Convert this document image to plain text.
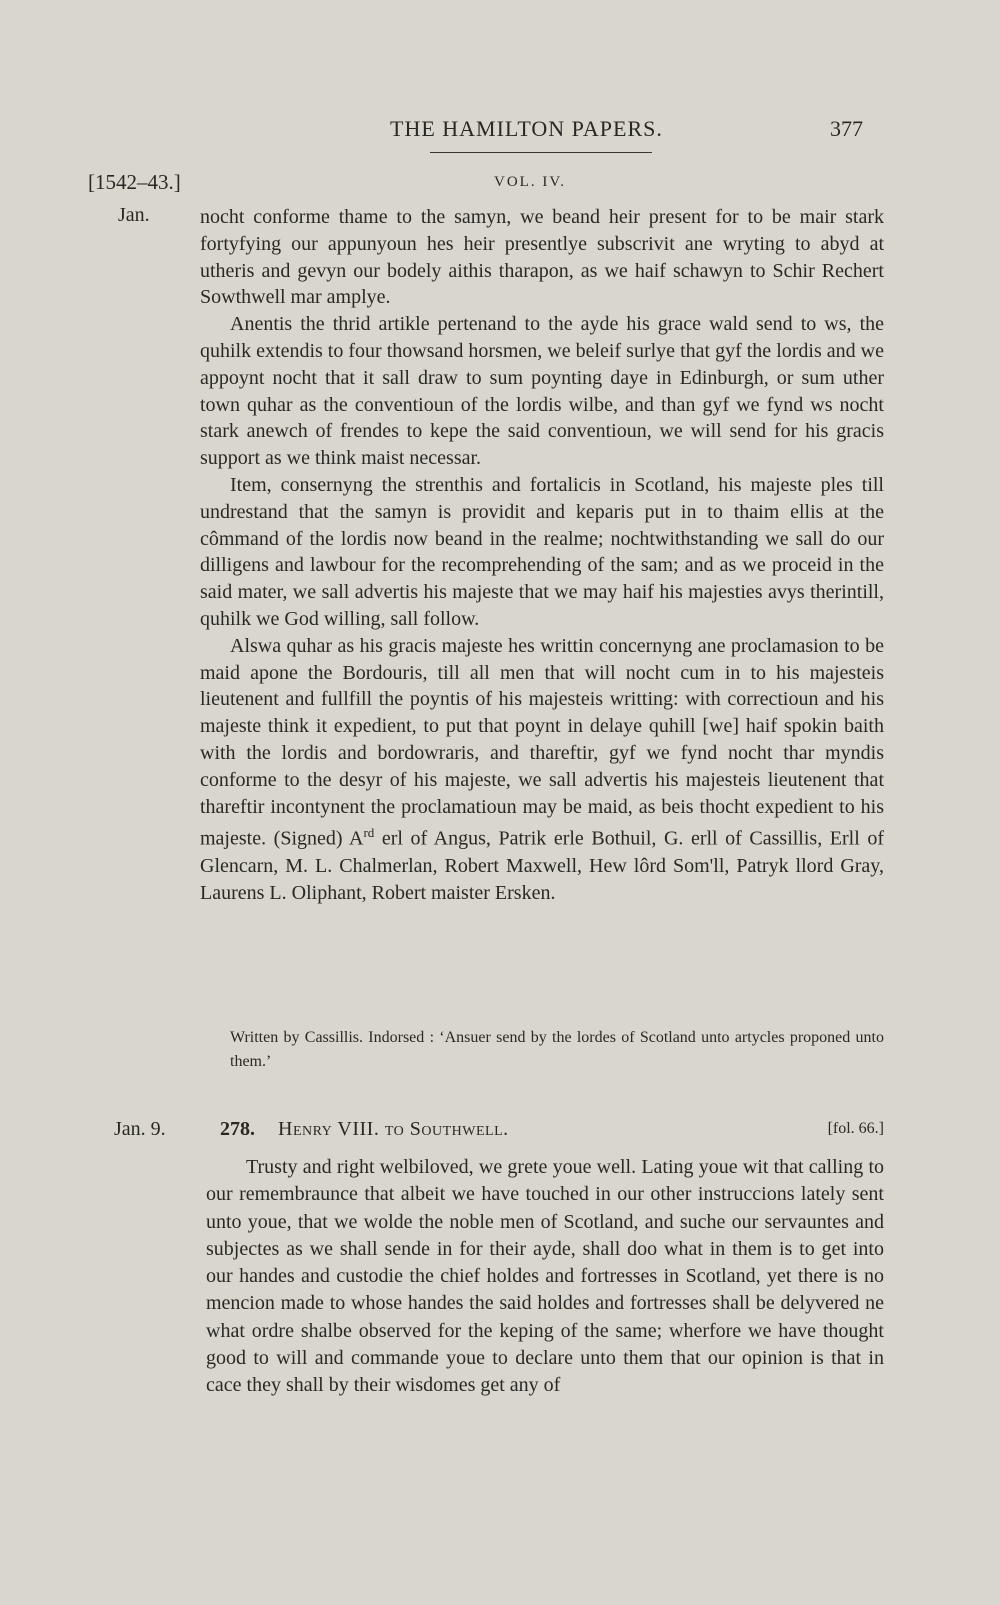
THE HAMILTON PAPERS.	377
[1542–43.]	VOL. IV.
Jan.	nocht conforme thame to the samyn, we beand heir present for to be mair stark fortyfying our appunyoun hes heir presentlye subscrivit ane wryting to abyd at utheris and gevyn our bodely aithis tharapon, as we haif schawyn to Schir Rechert Sowthwell mar amplye.

Anentis the thrid artikle pertenand to the ayde his grace wald send to ws, the quhilk extendis to four thowsand horsmen, we beleif surlye that gyf the lordis and we appoynt nocht that it sall draw to sum poynting daye in Edinburgh, or sum uther town quhar as the conventioun of the lordis wilbe, and than gyf we fynd ws nocht stark anewch of frendes to kepe the said conventioun, we will send for his gracis support as we think maist necessar.

Item, consernyng the strenthis and fortalicis in Scotland, his majeste ples till undrestand that the samyn is providit and keparis put in to thaim ellis at the cômmand of the lordis now beand in the realme; nochtwithstanding we sall do our dilligens and lawbour for the recomprehending of the sam; and as we proceid in the said mater, we sall advertis his majeste that we may haif his majesties avys therintill, quhilk we God willing, sall follow.

Alswa quhar as his gracis majeste hes writtin concernyng ane proclamasion to be maid apone the Bordouris, till all men that will nocht cum in to his majesteis lieutenent and fullfill the poyntis of his majesteis writting: with correctioun and his majeste think it expedient, to put that poynt in delaye quhill [we] haif spokin baith with the lordis and bordowraris, and thareftir, gyf we fynd nocht thar myndis conforme to the desyr of his majeste, we sall advertis his majesteis lieutenent that thareftir incontynent the proclamatioun may be maid, as beis thocht expedient to his majeste. (Signed) $A^{rd}$ erl of Angus, Patrik erle Bothuil, G. erll of Cassillis, Erll of Glencarn, M. L. Chalmerlan, Robert Maxwell, Hew lôrd Som'll, Patryk llord Gray, Laurens L. Oliphant, Robert maister Ersken.

Written by Cassillis. Indorsed : ‘Ansuer send by the lordes of Scotland unto artycles proponed unto them.’
Jan. 9.	278. Henry VIII. to Southwell.	[fol. 66.]

Trusty and right welbiloved, we grete youe well. Lating youe wit that calling to our remembraunce that albeit we have touched in our other instruccions lately sent unto youe, that we wolde the noble men of Scotland, and suche our servauntes and subjectes as we shall sende in for their ayde, shall doo what in them is to get into our handes and custodie the chief holdes and fortresses in Scotland, yet there is no mencion made to whose handes the said holdes and fortresses shall be delyvered ne what ordre shalbe observed for the keping of the same; wherfore we have thought good to will and commande youe to declare unto them that our opinion is that in cace they shall by their wisdomes get any of
